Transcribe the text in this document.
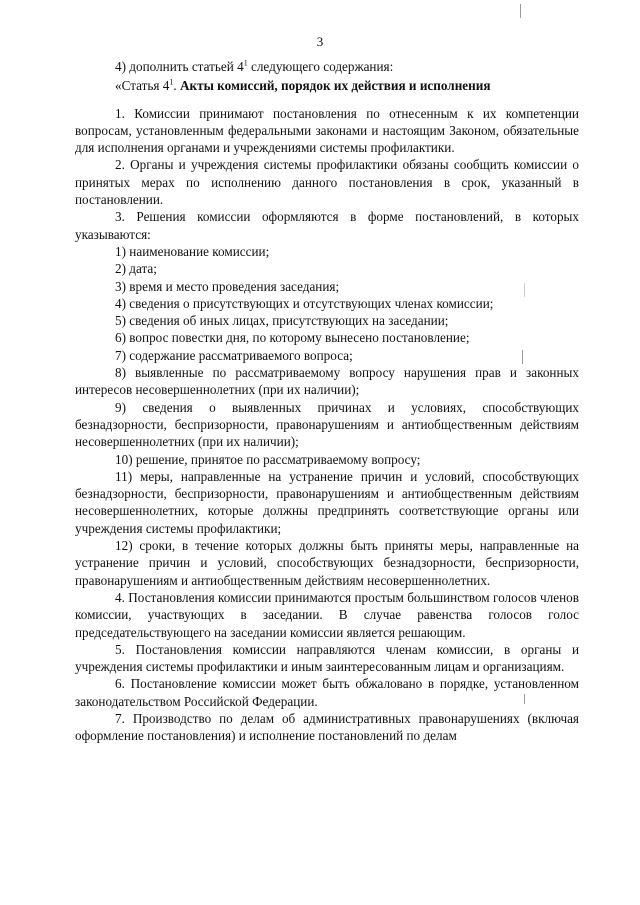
3

4) дополнить статьей $4^1$ следующего содержания:

«Статья $4^1$. Акты комиссий, порядок их действия и исполнения

1. Комиссии принимают постановления по отнесенным к их компетенции вопросам, установленным федеральными законами и настоящим Законом, обязательные для исполнения органами и учреждениями системы профилактики.

2. Органы и учреждения системы профилактики обязаны сообщить комиссии о принятых мерах по исполнению данного постановления в срок, указанный в постановлении.

3. Решения комиссии оформляются в форме постановлений, в которых указываются:

1) наименование комиссии;

2) дата;

3) время и место проведения заседания;

4) сведения о присутствующих и отсутствующих членах комиссии;

5) сведения об иных лицах, присутствующих на заседании;

6) вопрос повестки дня, по которому вынесено постановление;

7) содержание рассматриваемого вопроса;

8) выявленные по рассматриваемому вопросу нарушения прав и законных интересов несовершеннолетних (при их наличии);

9) сведения о выявленных причинах и условиях, способствующих безнадзорности, беспризорности, правонарушениям и антиобщественным действиям несовершеннолетних (при их наличии);

10) решение, принятое по рассматриваемому вопросу;

11) меры, направленные на устранение причин и условий, способствующих безнадзорности, беспризорности, правонарушениям и антиобщественным действиям несовершеннолетних, которые должны предпринять соответствующие органы или учреждения системы профилактики;

12) сроки, в течение которых должны быть приняты меры, направленные на устранение причин и условий, способствующих безнадзорности, беспризорности, правонарушениям и антиобщественным действиям несовершеннолетних.

4. Постановления комиссии принимаются простым большинством голосов членов комиссии, участвующих в заседании. В случае равенства голосов голос председательствующего на заседании комиссии является решающим.

5. Постановления комиссии направляются членам комиссии, в органы и учреждения системы профилактики и иным заинтересованным лицам и организациям.

6. Постановление комиссии может быть обжаловано в порядке, установленном законодательством Российской Федерации.

7. Производство по делам об административных правонарушениях (включая оформление постановления) и исполнение постановлений по делам
